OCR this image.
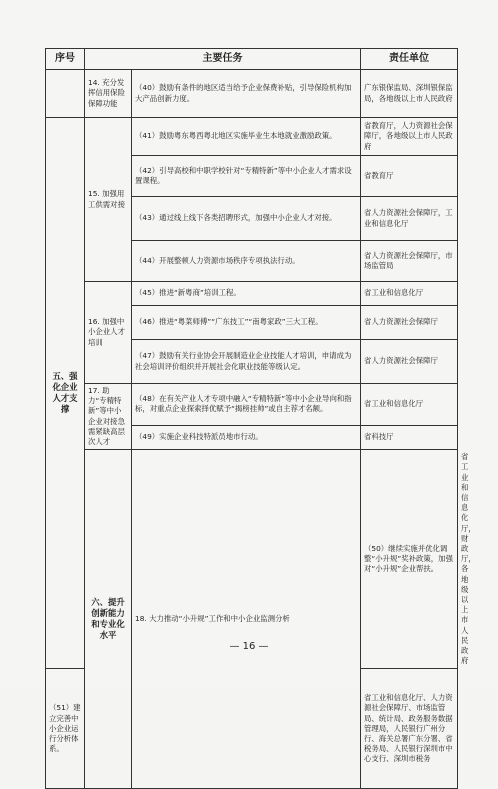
序号	主要任务		责任单位	
	14. 充分发挥信用保险保障功能	（40）鼓励有条件的地区适当给予企业保费补贴，引导保险机构加大产品创新力度。	广东银保监局、深圳银保监局，各地级以上市人民政府	
五、强化企业人才支撑	15. 加强用工供需对接	（41）鼓励粤东粤西粤北地区实施毕业生本地就业激励政策。	省教育厅，人力资源社会保障厅，各地级以上市人民政府	
		（42）引导高校和中职学校针对“专精特新”等中小企业人才需求设置课程。	省教育厅	
		（43）通过线上线下各类招聘形式，加强中小企业人才对接。	省人力资源社会保障厅，工业和信息化厅	
		（44）开展整顿人力资源市场秩序专项执法行动。	省人力资源社会保障厅，市场监管局	
	16. 加强中小企业人才培训	（45）推进“新粤商”培训工程。	省工业和信息化厅	
		（46）推进“粤菜师傅”“广东技工”“南粤家政”三大工程。	省人力资源社会保障厅	
		（47）鼓励有关行业协会开展制造业企业技能人才培训，申请成为社会培训评价组织并开展社会化职业技能等级认定。	省人力资源社会保障厅	
	17. 助力“专精特新”等中小企业对接急需紧缺高层次人才	（48）在有关产业人才专项中融入“专精特新”等中小企业导向和指标，对重点企业探索择优赋予“揭榜挂帅”或自主荐才名额。	省工业和信息化厅	
		（49）实施企业科技特派员地市行动。	省科技厅	
	六、提升创新能力和专业化水平	18. 大力推动“小升规”工作和中小企业监测分析	（50）继续实施并优化调整“小升规”奖补政策，加强对“小升规”企业帮扶。	省工业和信息化厅，财政厅，各地级以上市人民政府
（51）建立完善中小企业运行分析体系。			省工业和信息化厅、人力资源社会保障厅、市场监管局、统计局、政务服务数据管理局，人民银行广州分行、海关总署广东分署、省税务局、人民银行深圳市中心支行、深圳市税务	
— 16 —
